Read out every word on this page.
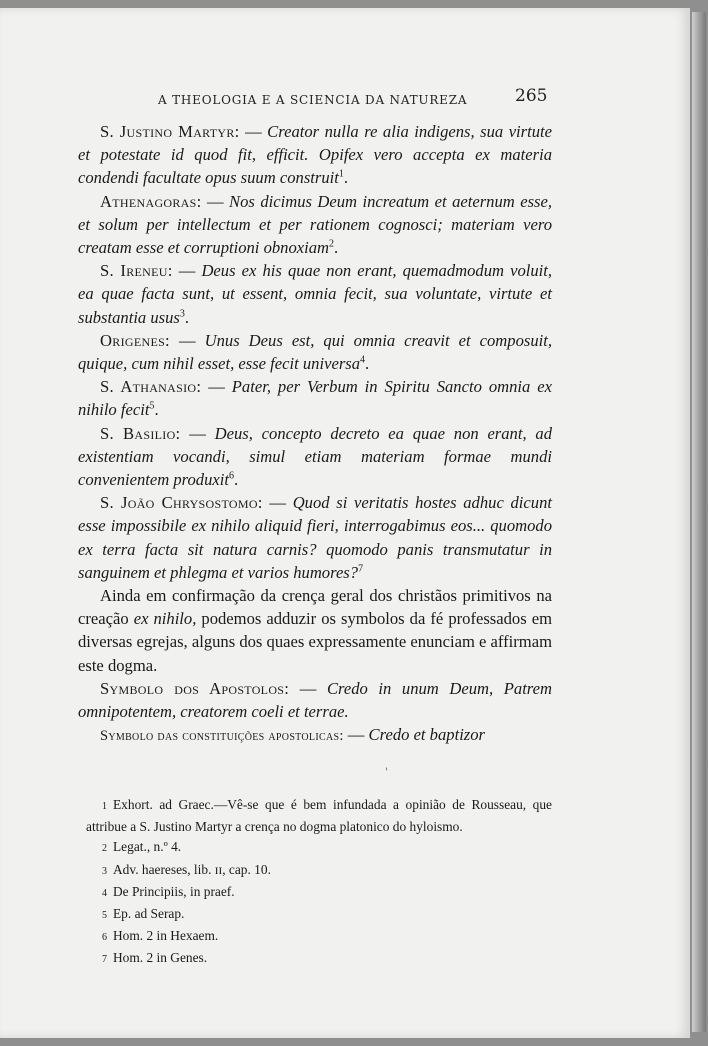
A THEOLOGIA E A SCIENCIA DA NATUREZA	265

S. Justino Martyr: — Creator nulla re alia indigens, sua virtute et potestate id quod fit, efficit. Opifex vero accepta ex materia condendi facultate opus suum construit$^1$.

Athenagoras: — Nos dicimus Deum increatum et aeternum esse, et solum per intellectum et per rationem cognosci; materiam vero creatam esse et corruptioni obnoxiam$^2$.

S. Ireneu: — Deus ex his quae non erant, quemadmodum voluit, ea quae facta sunt, ut essent, omnia fecit, sua voluntate, virtute et substantia usus$^3$.

Origenes: — Unus Deus est, qui omnia creavit et composuit, quique, cum nihil esset, esse fecit universa$^4$.

S. Athanasio: — Pater, per Verbum in Spiritu Sancto omnia ex nihilo fecit$^5$.

S. Basilio: — Deus, concepto decreto ea quae non erant, ad existentiam vocandi, simul etiam materiam formae mundi convenientem produxit$^6$.

S. João Chrysostomo: — Quod si veritatis hostes adhuc dicunt esse impossibile ex nihilo aliquid fieri, interrogabimus eos... quomodo ex terra facta sit natura carnis? quomodo panis transmutatur in sanguinem et phlegma et varios humores?$^7$

Ainda em confirmação da crença geral dos christãos primitivos na creação ex nihilo, podemos adduzir os symbolos da fé professados em diversas egrejas, alguns dos quaes expressamente enunciam e affirmam este dogma.

Symbolo dos Apostolos: — Credo in unum Deum, Patrem omnipotentem, creatorem coeli et terrae.

Symbolo das constituições apostolicas: — Credo et baptizor

'

1 Exhort. ad Graec.—Vê-se que é bem infundada a opinião de Rousseau, que attribue a S. Justino Martyr a crença no dogma platonico do hyloismo.

2 Legat., n.º 4.

3 Adv. haereses, lib. ɪɪ, cap. 10.

4 De Principiis, in praef.

5 Ep. ad Serap.

6 Hom. 2 in Hexaem.

7 Hom. 2 in Genes.
